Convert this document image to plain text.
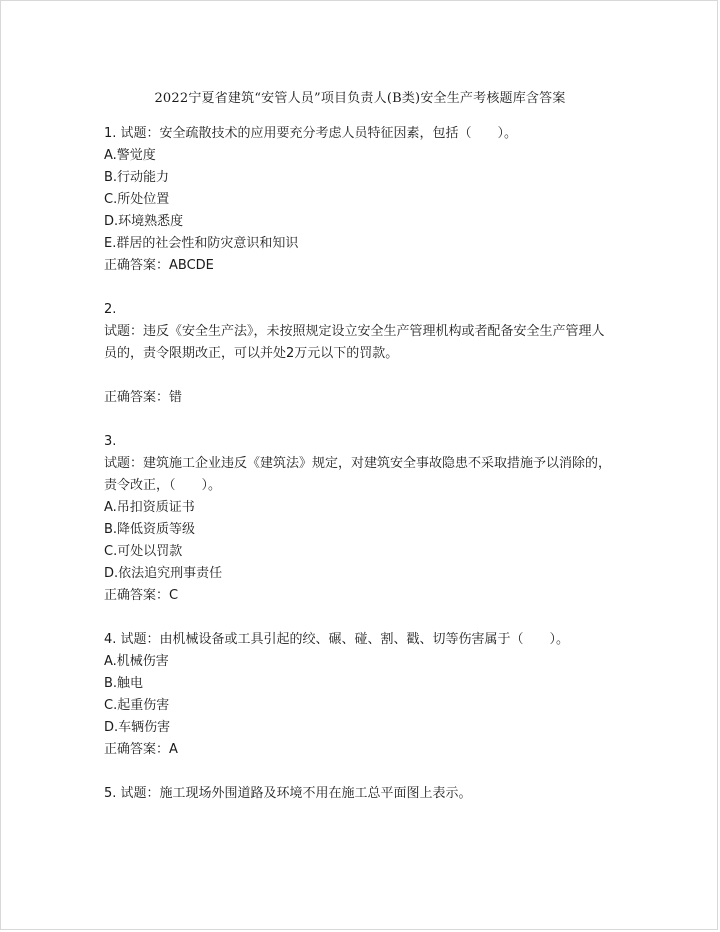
2022宁夏省建筑“安管人员”项目负责人(B类)安全生产考核题库含答案
1. 试题：安全疏散技术的应用要充分考虑人员特征因素，包括（　　）。
A.警觉度
B.行动能力
C.所处位置
D.环境熟悉度
E.群居的社会性和防灾意识和知识
正确答案：ABCDE
2.
试题：违反《安全生产法》，未按照规定设立安全生产管理机构或者配备安全生产管理人
员的，责令限期改正，可以并处2万元以下的罚款。

正确答案：错
3.
试题：建筑施工企业违反《建筑法》规定，对建筑安全事故隐患不采取措施予以消除的，
责令改正，（　　）。
A.吊扣资质证书
B.降低资质等级
C.可处以罚款
D.依法追究刑事责任
正确答案：C
4. 试题：由机械设备或工具引起的绞、碾、碰、割、戳、切等伤害属于（　　）。
A.机械伤害
B.触电
C.起重伤害
D.车辆伤害
正确答案：A
5. 试题：施工现场外围道路及环境不用在施工总平面图上表示。
